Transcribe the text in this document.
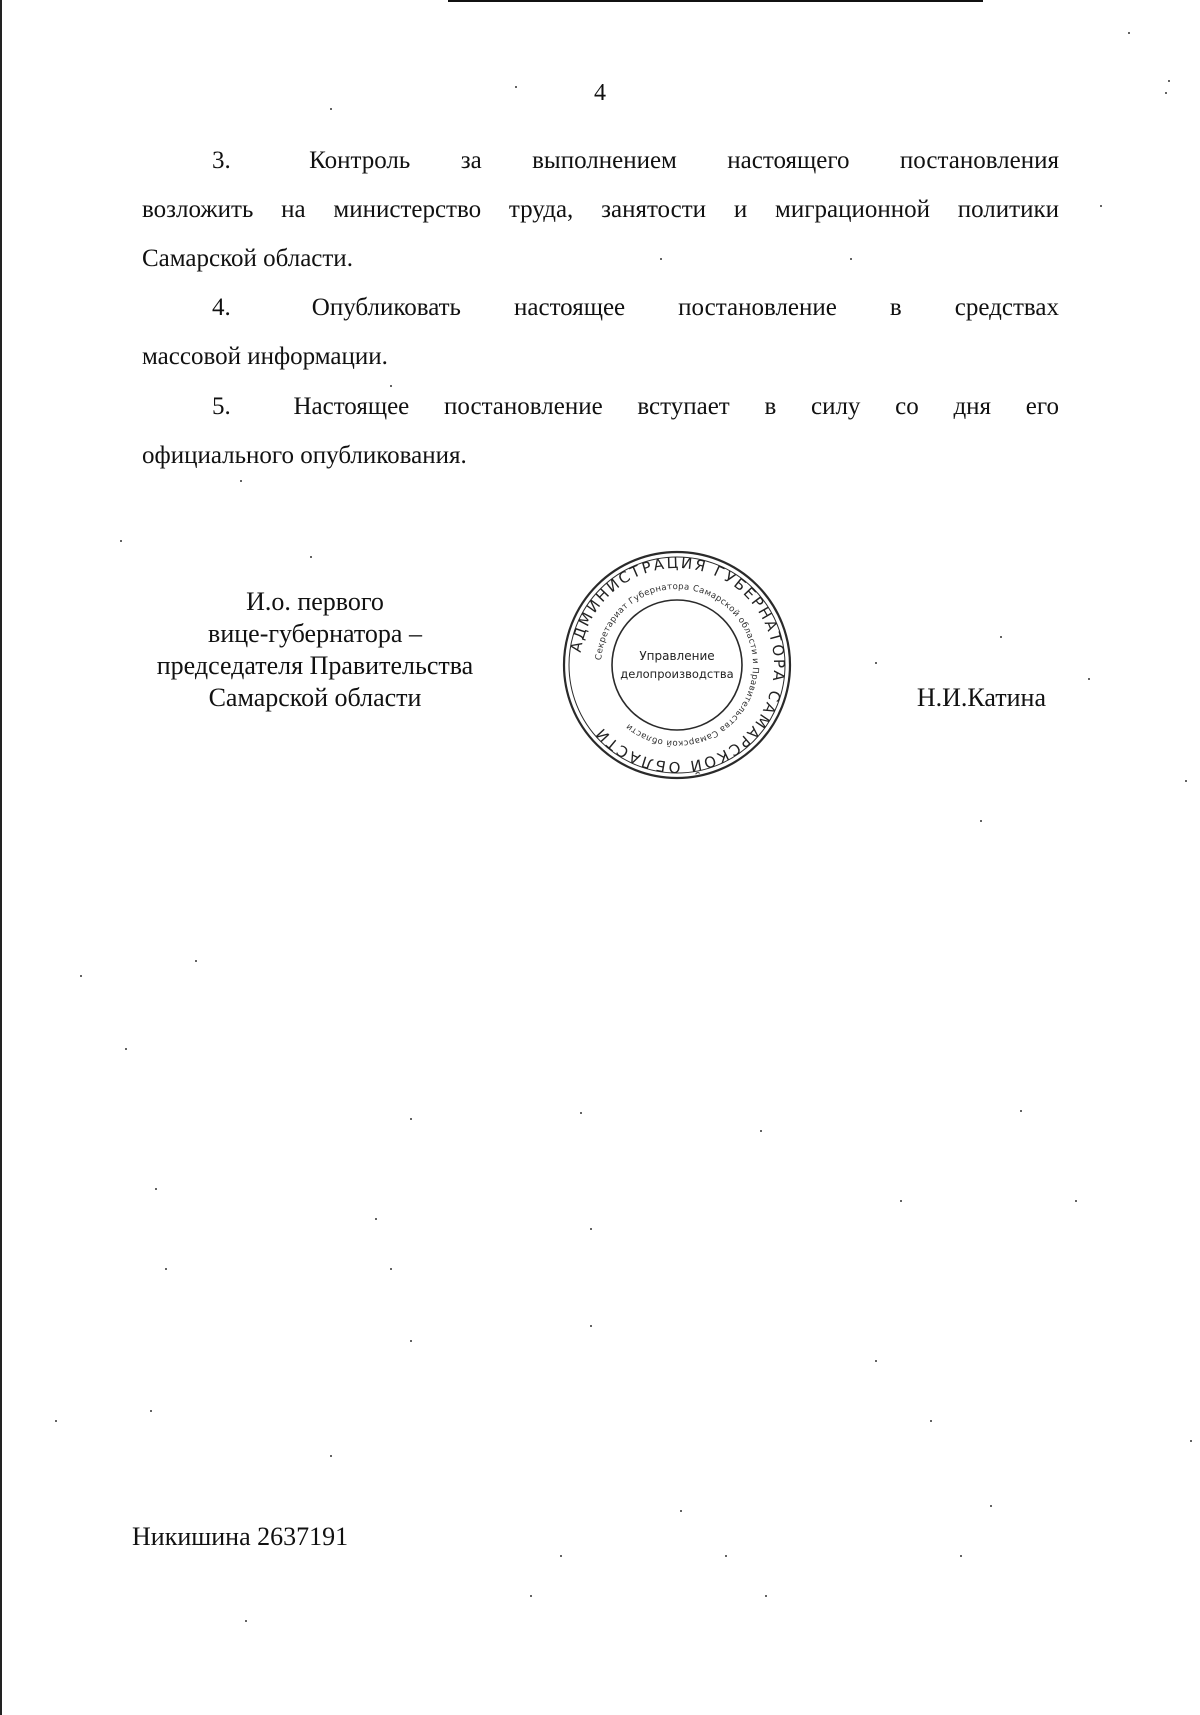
4
3.	Контроль за выполнением настоящего постановления
возложить на министерство труда, занятости и миграционной политики
Самарской области.
4.	Опубликовать настоящее постановление в средствах
массовой информации.
5.	Настоящее постановление вступает в силу со дня его
официального опубликования.
И.о. первого
вице-губернатора –
председателя Правительства
Самарской области
АДМИНИСТРАЦИЯ ГУБЕРНАТОРА САМАРСКОЙ ОБЛАСТИ
Секретариат Губернатора Самарской области и Правительства Самарской области
Управление
делопроизводства
Н.И.Катина
Никишина 2637191
